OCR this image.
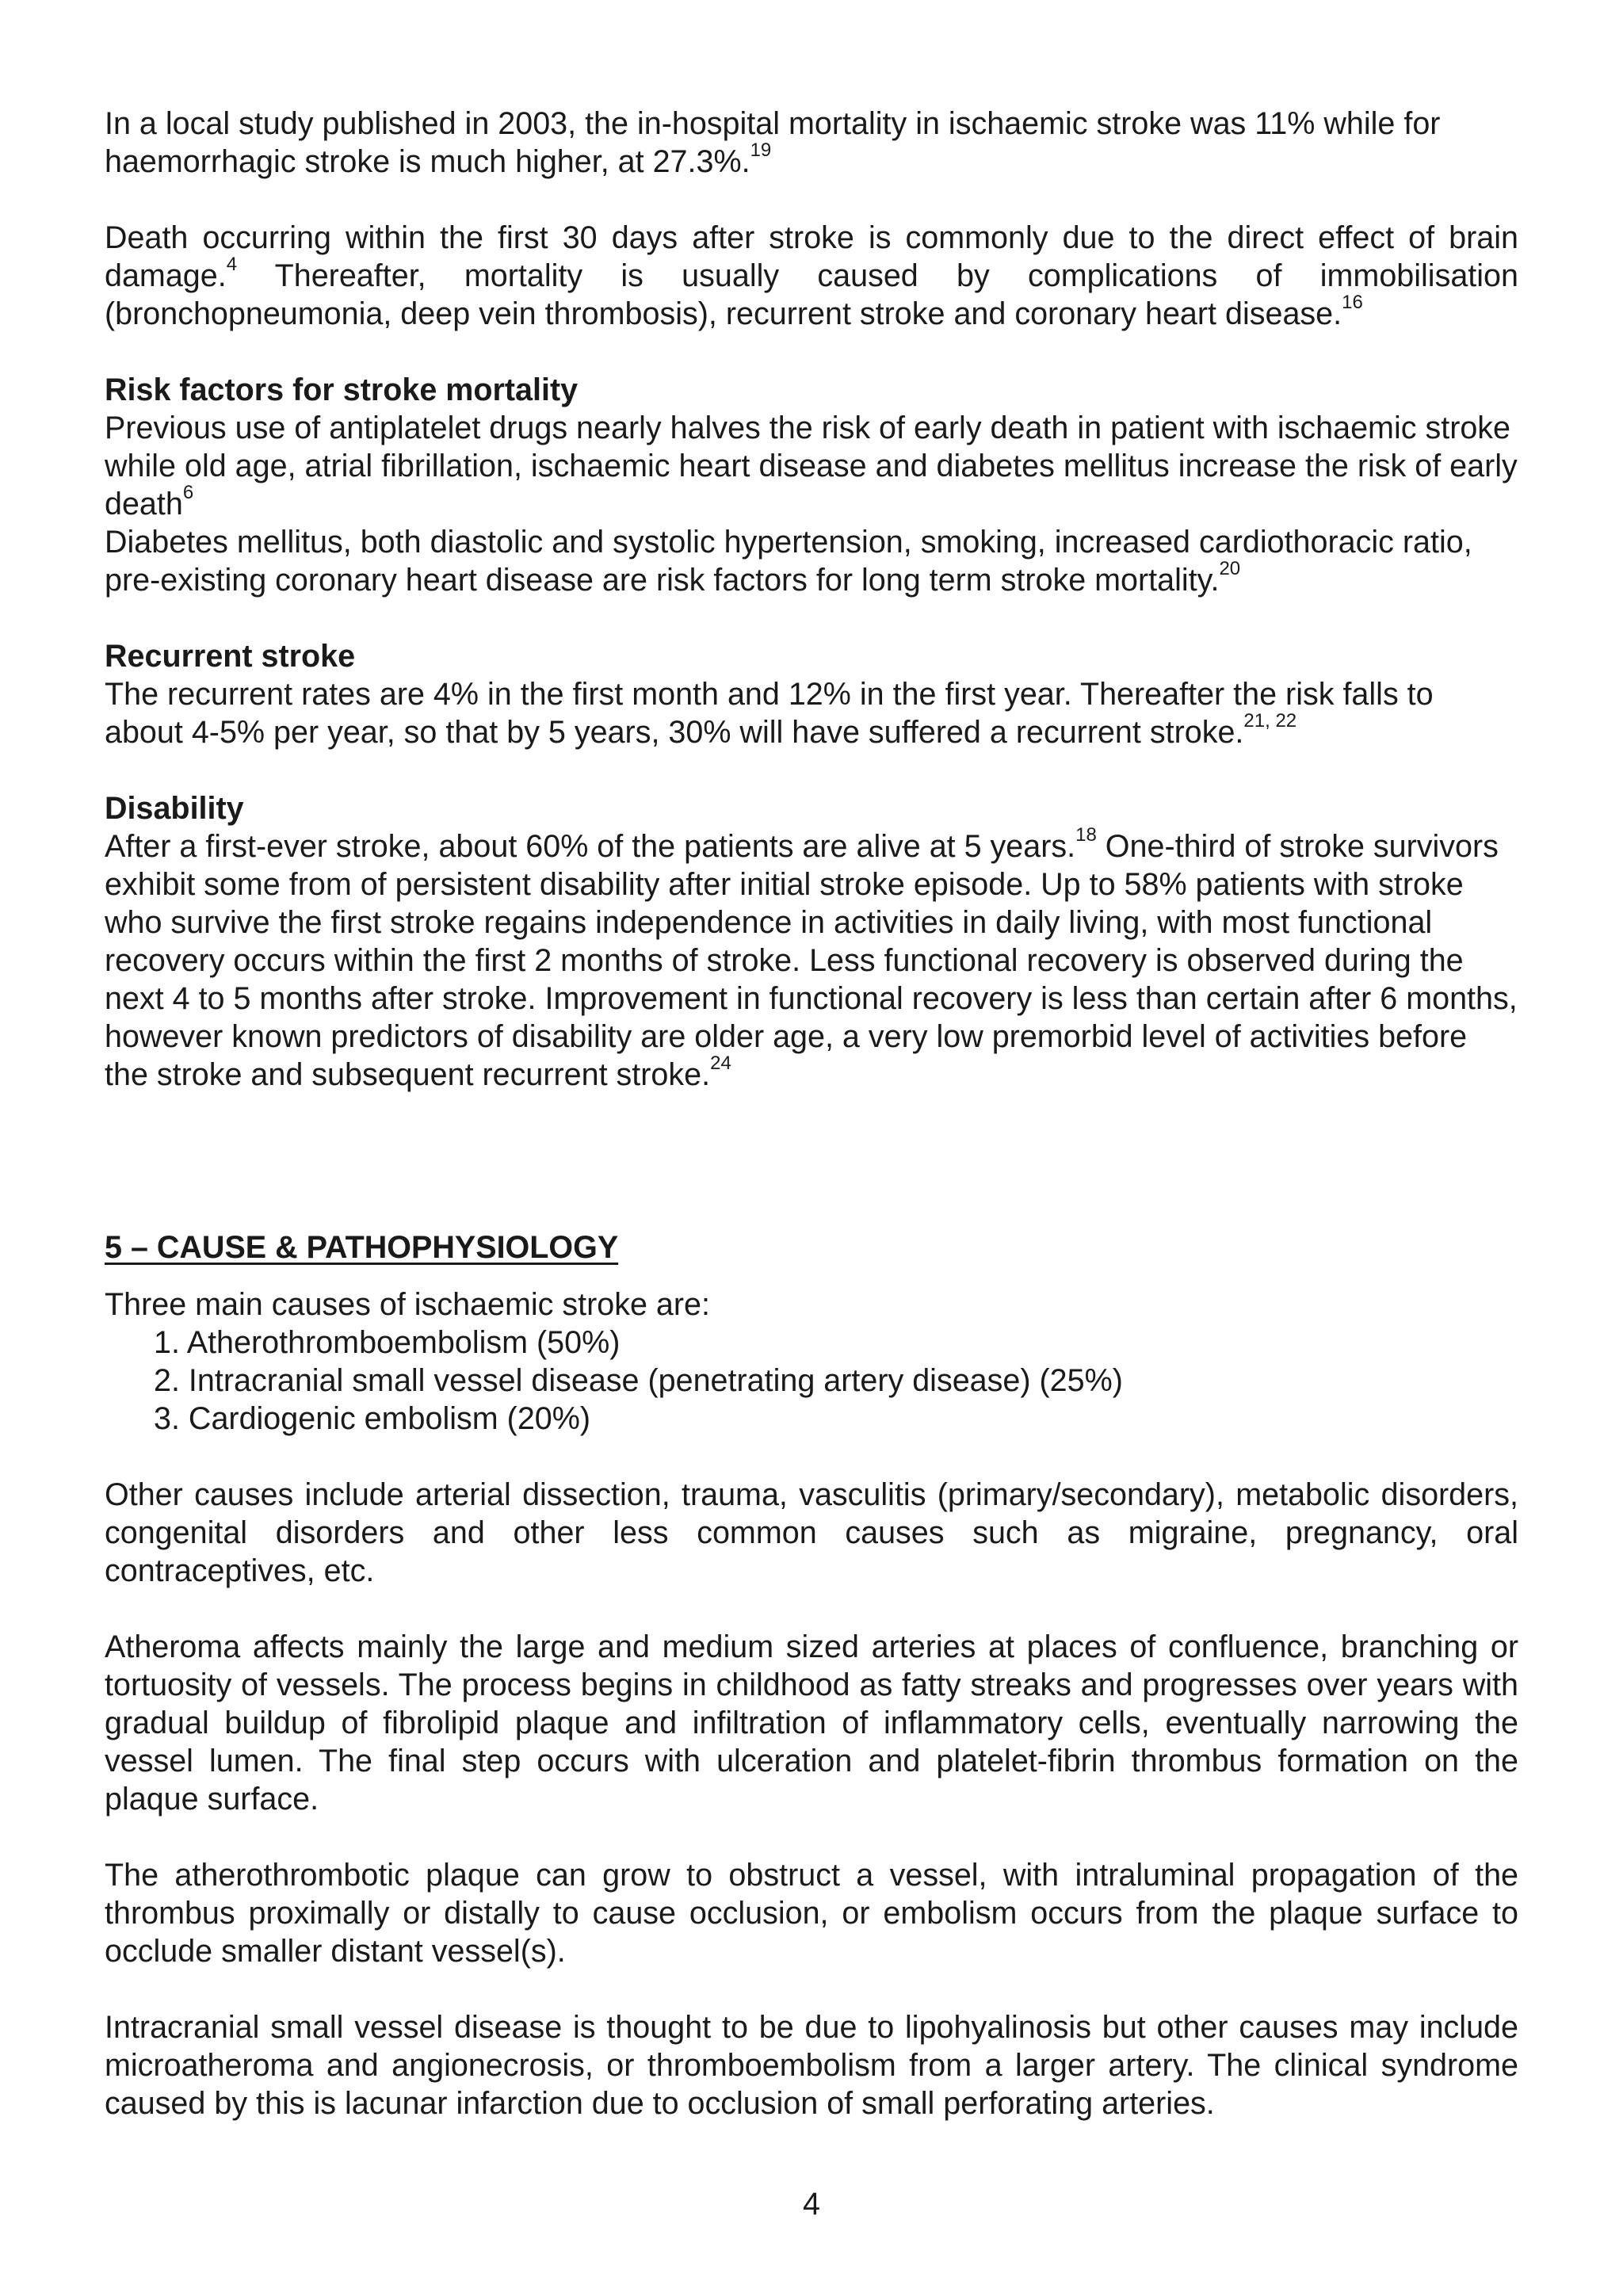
In a local study published in 2003, the in-hospital mortality in ischaemic stroke was 11% while for haemorrhagic stroke is much higher, at 27.3%.$^{19}$

Death occurring within the first 30 days after stroke is commonly due to the direct effect of brain damage.$^4$ Thereafter, mortality is usually caused by complications of immobilisation (bronchopneumonia, deep vein thrombosis), recurrent stroke and coronary heart disease.$^{16}$

Risk factors for stroke mortality

Previous use of antiplatelet drugs nearly halves the risk of early death in patient with ischaemic stroke while old age, atrial fibrillation, ischaemic heart disease and diabetes mellitus increase the risk of early death$^6$

Diabetes mellitus, both diastolic and systolic hypertension, smoking, increased cardiothoracic ratio, pre-existing coronary heart disease are risk factors for long term stroke mortality.$^{20}$

Recurrent stroke

The recurrent rates are 4% in the first month and 12% in the first year. Thereafter the risk falls to about 4-5% per year, so that by 5 years, 30% will have suffered a recurrent stroke.$^{21, 22}$

Disability

After a first-ever stroke, about 60% of the patients are alive at 5 years.$^{18}$ One-third of stroke survivors exhibit some from of persistent disability after initial stroke episode. Up to 58% patients with stroke who survive the first stroke regains independence in activities in daily living, with most functional recovery occurs within the first 2 months of stroke. Less functional recovery is observed during the next 4 to 5 months after stroke. Improvement in functional recovery is less than certain after 6 months, however known predictors of disability are older age, a very low premorbid level of activities before the stroke and subsequent recurrent stroke.$^{24}$

5 – CAUSE & PATHOPHYSIOLOGY

Three main causes of ischaemic stroke are:

1. Atherothromboembolism (50%)
2. Intracranial small vessel disease (penetrating artery disease) (25%)
3. Cardiogenic embolism (20%)

Other causes include arterial dissection, trauma, vasculitis (primary/secondary), metabolic disorders, congenital disorders and other less common causes such as migraine, pregnancy, oral contraceptives, etc.

Atheroma affects mainly the large and medium sized arteries at places of confluence, branching or tortuosity of vessels. The process begins in childhood as fatty streaks and progresses over years with gradual buildup of fibrolipid plaque and infiltration of inflammatory cells, eventually narrowing the vessel lumen. The final step occurs with ulceration and platelet-fibrin thrombus formation on the plaque surface.

The atherothrombotic plaque can grow to obstruct a vessel, with intraluminal propagation of the thrombus proximally or distally to cause occlusion, or embolism occurs from the plaque surface to occlude smaller distant vessel(s).

Intracranial small vessel disease is thought to be due to lipohyalinosis but other causes may include microatheroma and angionecrosis, or thromboembolism from a larger artery. The clinical syndrome caused by this is lacunar infarction due to occlusion of small perforating arteries.

4
